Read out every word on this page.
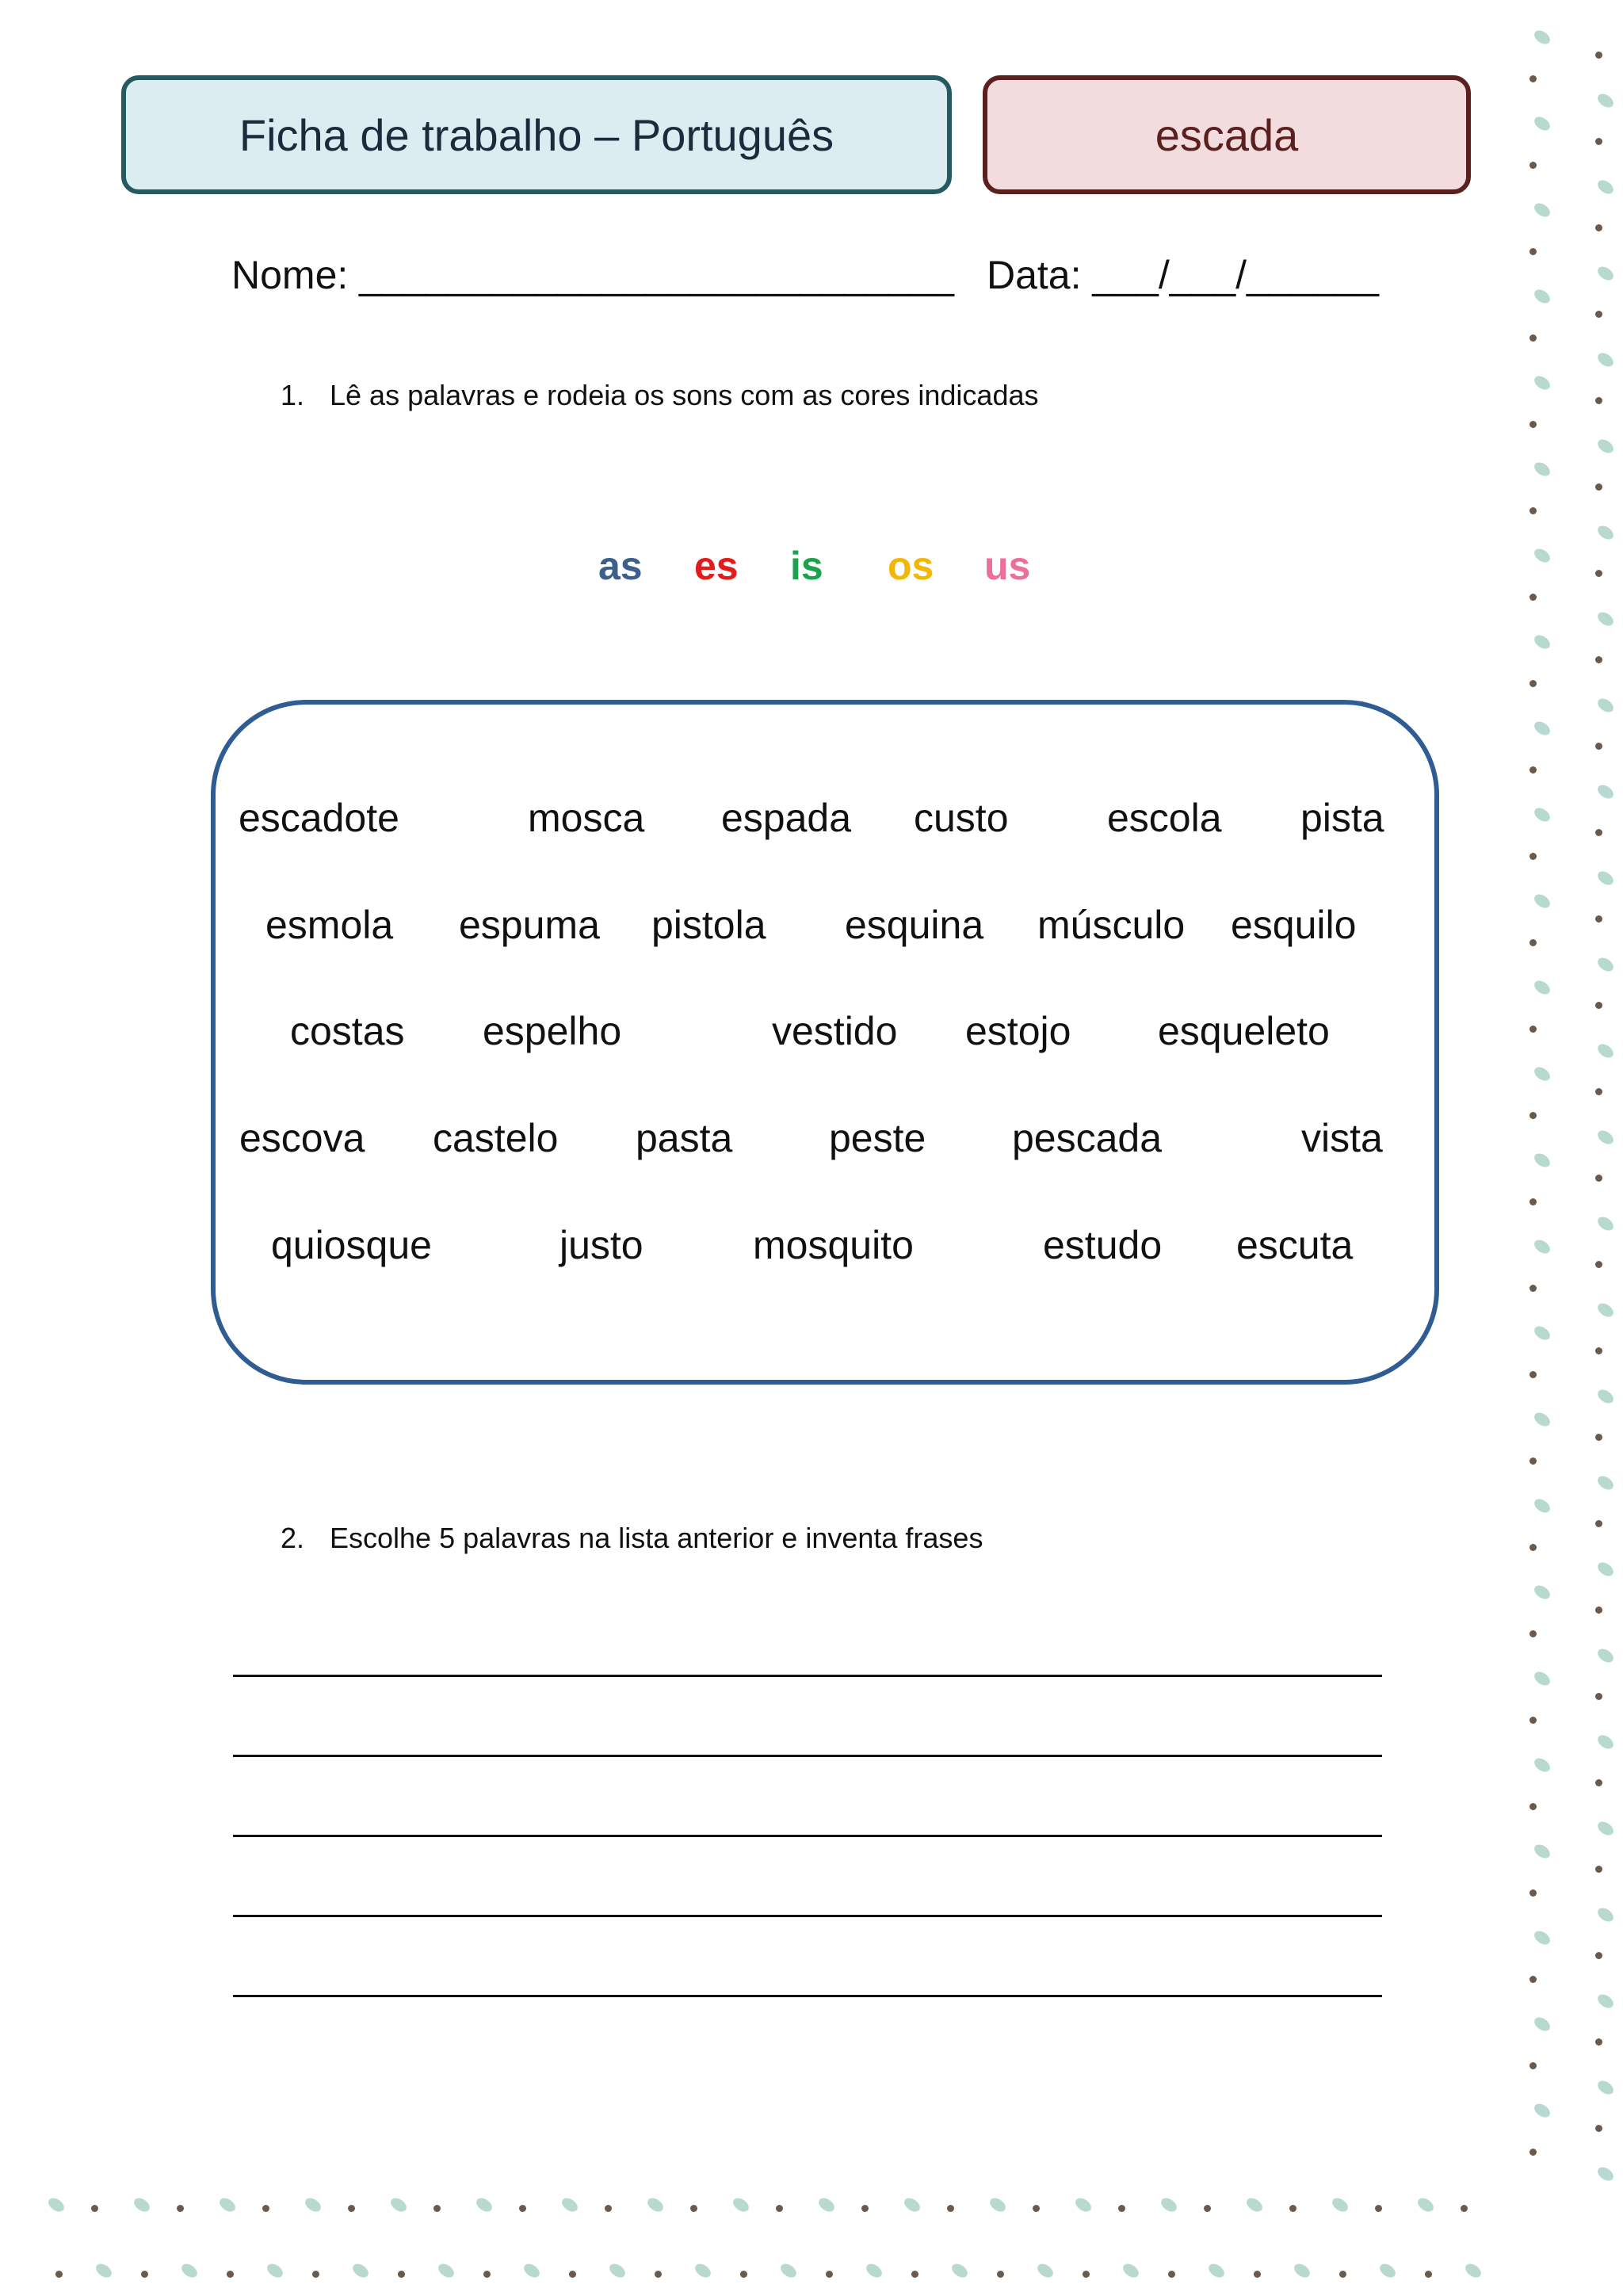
Ficha de trabalho – Português	escada
Nome: ___________________________ Data: ___/___/______
1. Lê as palavras e rodeia os sons com as cores indicadas
as es is os us
escadote	mosca espada custo escola pista
esmola espuma pistola esquina músculo esquilo
costas espelho	vestido estojo esqueleto
escova castelo pasta peste pescada	vista
quiosque	justo	mosquito	estudo escuta
2. Escolhe 5 palavras na lista anterior e inventa frases
